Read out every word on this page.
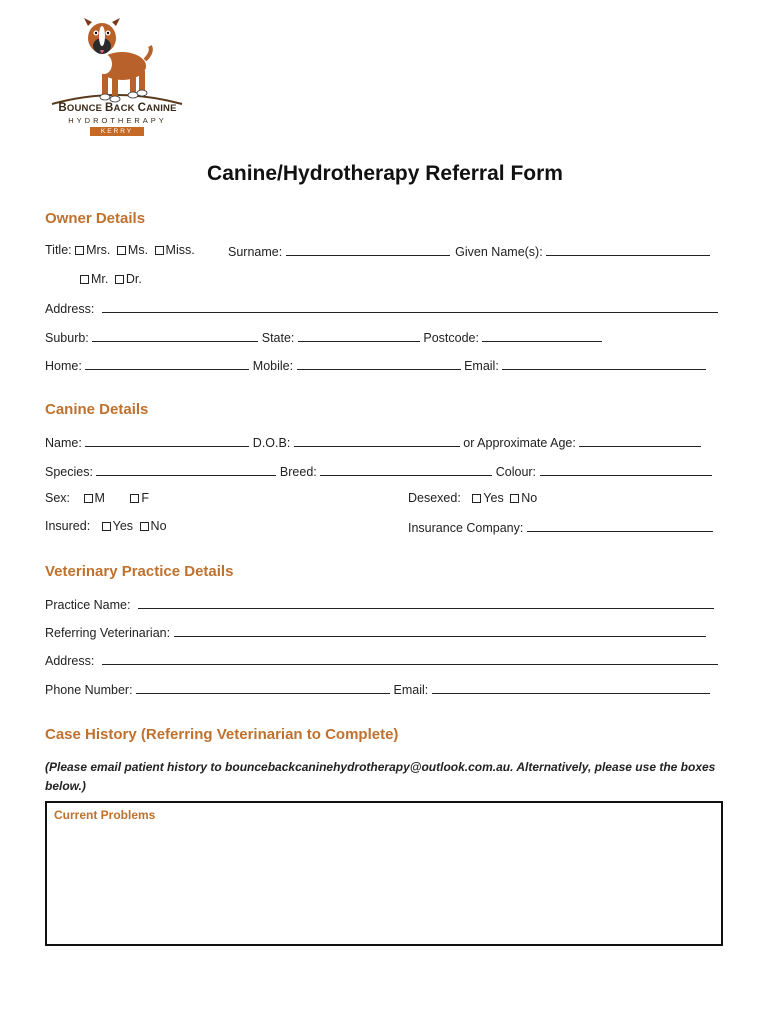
BOUNCE BACK CANINE
HYDROTHERAPY
KERRY FOX
Canine/Hydrotherapy Referral Form
Owner Details
Title: Mrs. Ms. Miss.	Surname:	Given Name(s):
Mr. Dr.
Address:
Suburb:	State:	Postcode:
Home:	Mobile:	Email:
Canine Details
Name:	D.O.B:	or Approximate Age:
Species:	Breed:	Colour:
Sex: M	F	Desexed: Yes No
Insured: Yes No	Insurance Company:
Veterinary Practice Details
Practice Name:
Referring Veterinarian:
Address:
Phone Number:	Email:
Case History (Referring Veterinarian to Complete)
(Please email patient history to bouncebackcaninehydrotherapy@outlook.com.au. Alternatively, please use the boxes below.)
Current Problems
